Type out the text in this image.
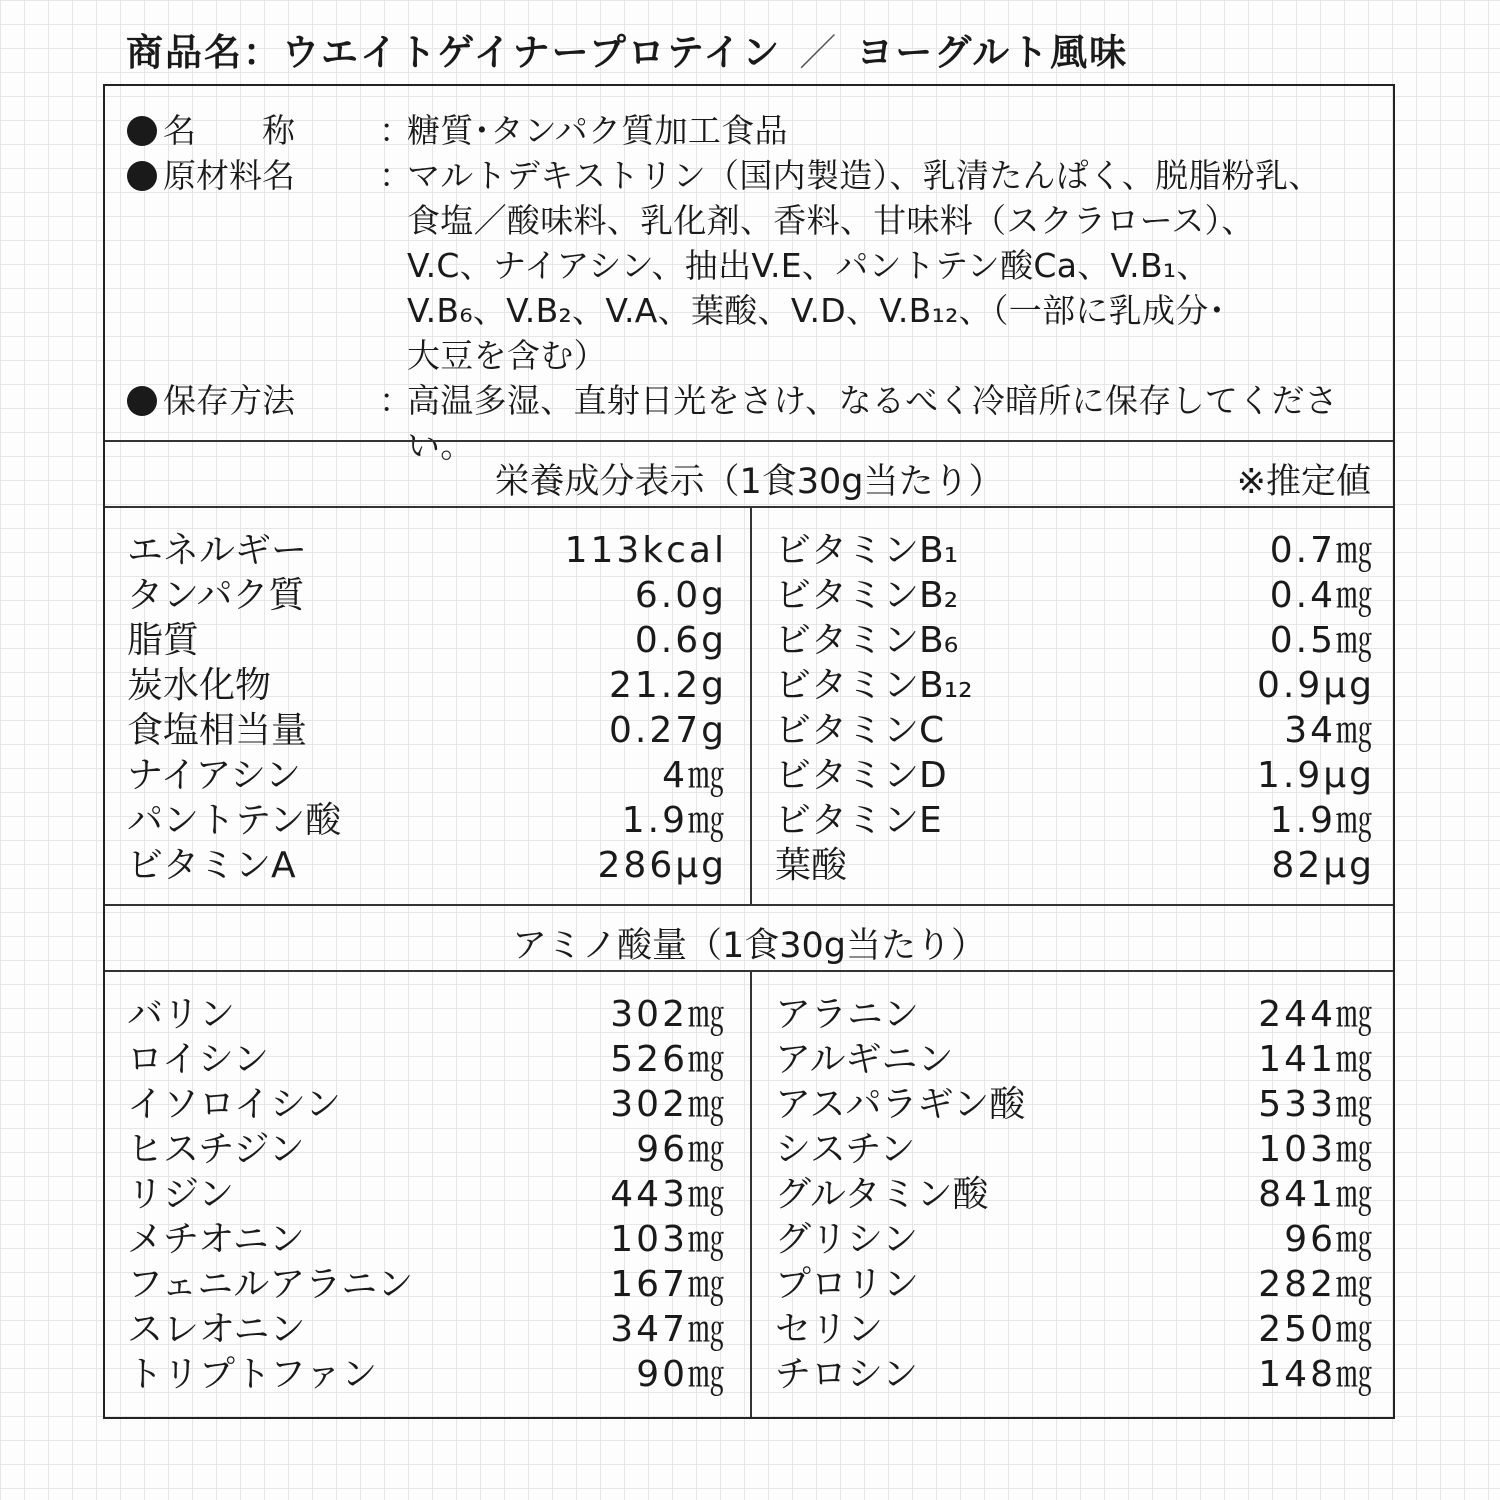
商品名：ウエイトゲイナープロテイン ／ ヨーグルト風味
名　　称	：
糖質･タンパク質加工食品
原材料名	：
マルトデキストリン（国内製造）、乳清たんぱく、脱脂粉乳、
食塩／酸味料、乳化剤、香料、甘味料（スクラロース）、
V.C、ナイアシン、抽出V.E、パントテン酸Ca、V.B₁、
V.B₆、V.B₂、V.A、葉酸、V.D、V.B₁₂、（一部に乳成分･
大豆を含む）
保存方法	：
高温多湿、直射日光をさけ、なるべく冷暗所に保存してください。
栄養成分表示（1食30g当たり）	※推定値
エネルギー	113kcal
タンパク質	6.0g
脂質	0.6g
炭水化物	21.2g
食塩相当量	0.27g
ナイアシン	4㎎
パントテン酸	1.9㎎
ビタミンA	286μg
ビタミンB₁	0.7㎎
ビタミンB₂	0.4㎎
ビタミンB₆	0.5㎎
ビタミンB₁₂	0.9μg
ビタミンC	34㎎
ビタミンD	1.9μg
ビタミンE	1.9㎎
葉酸	82μg
アミノ酸量（1食30g当たり）
バリン	302㎎
ロイシン	526㎎
イソロイシン	302㎎
ヒスチジン	96㎎
リジン	443㎎
メチオニン	103㎎
フェニルアラニン	167㎎
スレオニン	347㎎
トリプトファン	90㎎
アラニン	244㎎
アルギニン	141㎎
アスパラギン酸	533㎎
シスチン	103㎎
グルタミン酸	841㎎
グリシン	96㎎
プロリン	282㎎
セリン	250㎎
チロシン	148㎎
